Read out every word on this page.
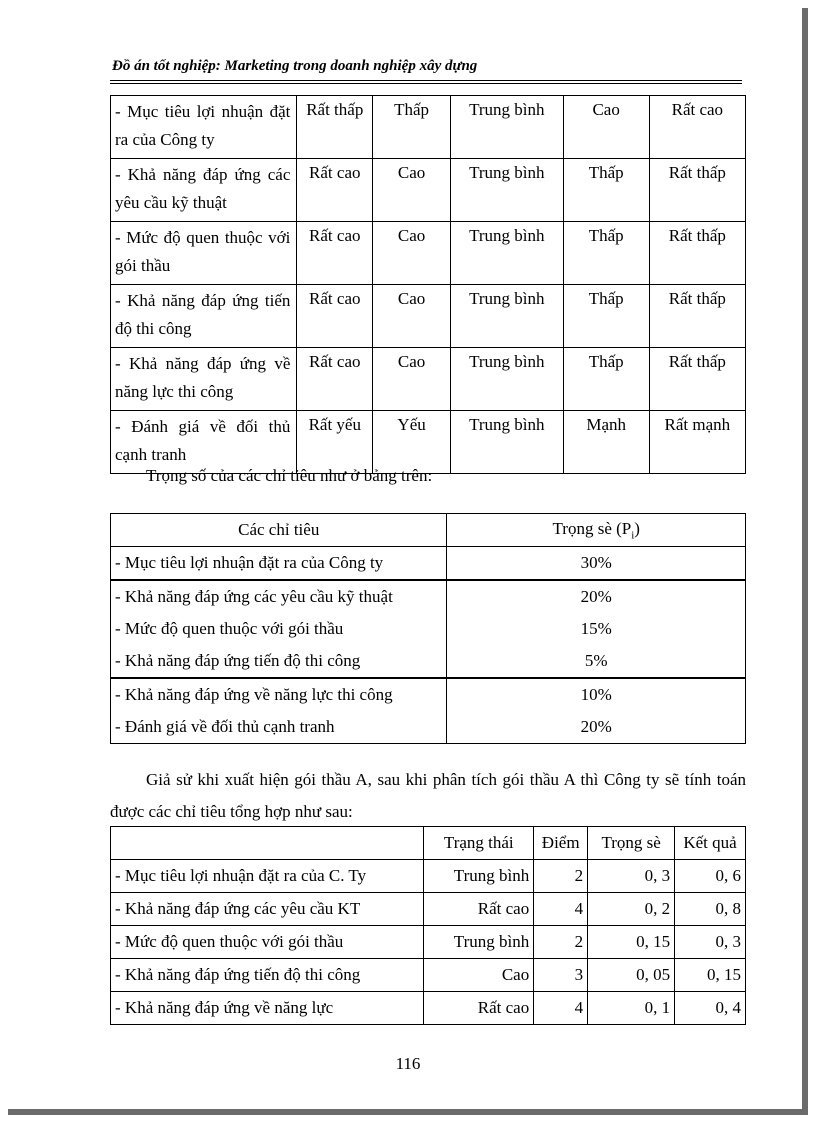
Đồ án tốt nghiệp: Marketing trong doanh nghiệp xây dựng
- Mục tiêu lợi nhuận đặt ra của Công ty	Rất thấp	Thấp	Trung bình	Cao	Rất cao
- Khả năng đáp ứng các yêu cầu kỹ thuật	Rất cao	Cao	Trung bình	Thấp	Rất thấp
- Mức độ quen thuộc với gói thầu	Rất cao	Cao	Trung bình	Thấp	Rất thấp
- Khả năng đáp ứng tiến độ thi công	Rất cao	Cao	Trung bình	Thấp	Rất thấp
- Khả năng đáp ứng về năng lực thi công	Rất cao	Cao	Trung bình	Thấp	Rất thấp
- Đánh giá về đối thủ cạnh tranh	Rất yếu	Yếu	Trung bình	Mạnh	Rất mạnh
Trọng số của các chỉ tiêu như ở bảng trên:
Các chỉ tiêu	Trọng sè $(P_i)$
- Mục tiêu lợi nhuận đặt ra của Công ty	30%
- Khả năng đáp ứng các yêu cầu kỹ thuật	20%
- Mức độ quen thuộc với gói thầu	15%
- Khả năng đáp ứng tiến độ thi công	5%
- Khả năng đáp ứng về năng lực thi công	10%
- Đánh giá về đối thủ cạnh tranh	20%
Giả sử khi xuất hiện gói thầu A, sau khi phân tích gói thầu A thì Công ty sẽ tính toán được các chỉ tiêu tổng hợp như sau:
	Trạng thái	Điểm	Trọng sè	Kết quả
- Mục tiêu lợi nhuận đặt ra của C. Ty	Trung bình	2	0, 3	0, 6
- Khả năng đáp ứng các yêu cầu KT	Rất cao	4	0, 2	0, 8
- Mức độ quen thuộc với gói thầu	Trung bình	2	0, 15	0, 3
- Khả năng đáp ứng tiến độ thi công	Cao	3	0, 05	0, 15
- Khả năng đáp ứng về năng lực	Rất cao	4	0, 1	0, 4
116
